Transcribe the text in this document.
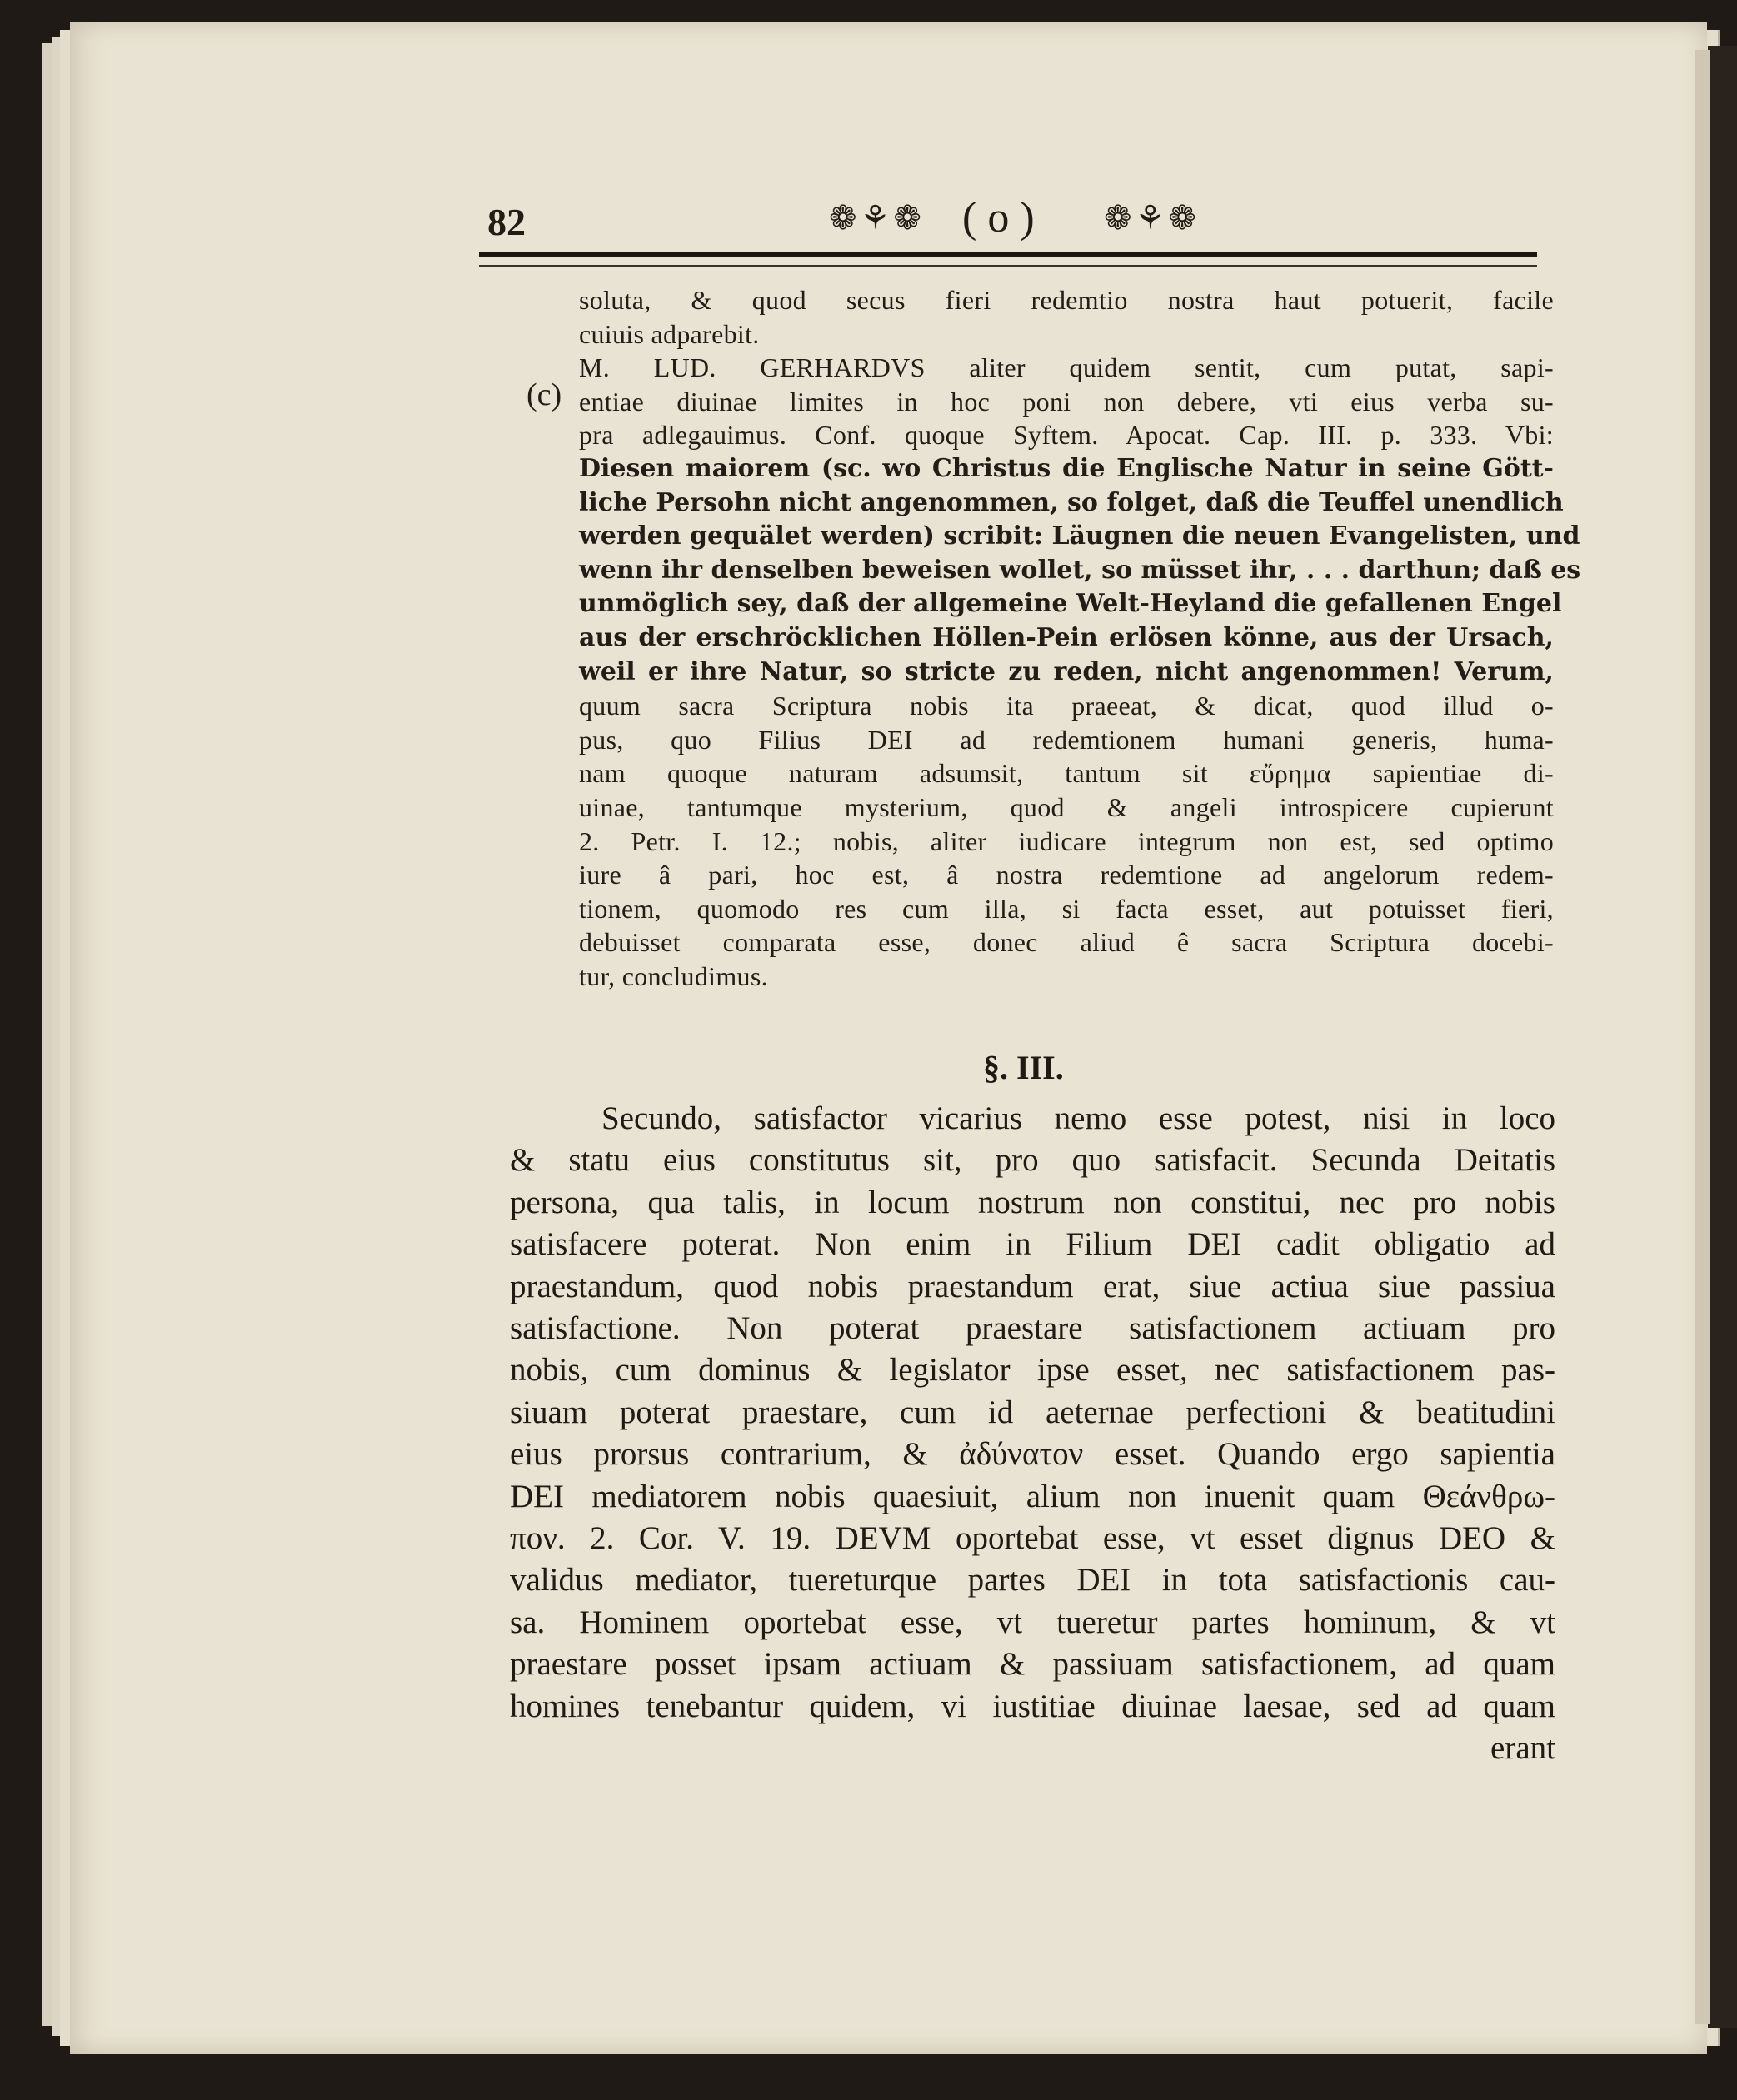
82	❁⚘❁ ( o ) ❁⚘❁
(c)
soluta, & quod secus fieri redemtio nostra haut potuerit, facile
cuiuis adparebit.
M. LUD. GERHARDVS aliter quidem sentit, cum putat, sapi-
entiae diuinae limites in hoc poni non debere, vti eius verba su-
pra adlegauimus. Conf. quoque Syftem. Apocat. Cap. III. p. 333. Vbi:
Diesen maiorem (sc. wo Christus die Englische Natur in seine Gött-
liche Persohn nicht angenommen, so folget, daß die Teuffel unendlich
werden gequälet werden) scribit: Läugnen die neuen Evangelisten, und
wenn ihr denselben beweisen wollet, so müsset ihr, . . . darthun; daß es
unmöglich sey, daß der allgemeine Welt-Heyland die gefallenen Engel
aus der erschröcklichen Höllen-Pein erlösen könne, aus der Ursach,
weil er ihre Natur, so stricte zu reden, nicht angenommen! Verum,
quum sacra Scriptura nobis ita praeeat, & dicat, quod illud o-
pus, quo Filius DEI ad redemtionem humani generis, huma-
nam quoque naturam adsumsit, tantum sit εὔρημα sapientiae di-
uinae, tantumque mysterium, quod & angeli introspicere cupierunt
2. Petr. I. 12.; nobis, aliter iudicare integrum non est, sed optimo
iure â pari, hoc est, â nostra redemtione ad angelorum redem-
tionem, quomodo res cum illa, si facta esset, aut potuisset fieri,
debuisset comparata esse, donec aliud ê sacra Scriptura docebi-
tur, concludimus.
§. III.
Secundo, satisfactor vicarius nemo esse potest, nisi in loco
& statu eius constitutus sit, pro quo satisfacit. Secunda Deitatis
persona, qua talis, in locum nostrum non constitui, nec pro nobis
satisfacere poterat. Non enim in Filium DEI cadit obligatio ad
praestandum, quod nobis praestandum erat, siue actiua siue passiua
satisfactione. Non poterat praestare satisfactionem actiuam pro
nobis, cum dominus & legislator ipse esset, nec satisfactionem pas-
siuam poterat praestare, cum id aeternae perfectioni & beatitudini
eius prorsus contrarium, & ἀδύνατον esset. Quando ergo sapientia
DEI mediatorem nobis quaesiuit, alium non inuenit quam Θεάνθρω-
πον. 2. Cor. V. 19. DEVM oportebat esse, vt esset dignus DEO &
validus mediator, tuereturque partes DEI in tota satisfactionis cau-
sa. Hominem oportebat esse, vt tueretur partes hominum, & vt
praestare posset ipsam actiuam & passiuam satisfactionem, ad quam
homines tenebantur quidem, vi iustitiae diuinae laesae, sed ad quam
erant
